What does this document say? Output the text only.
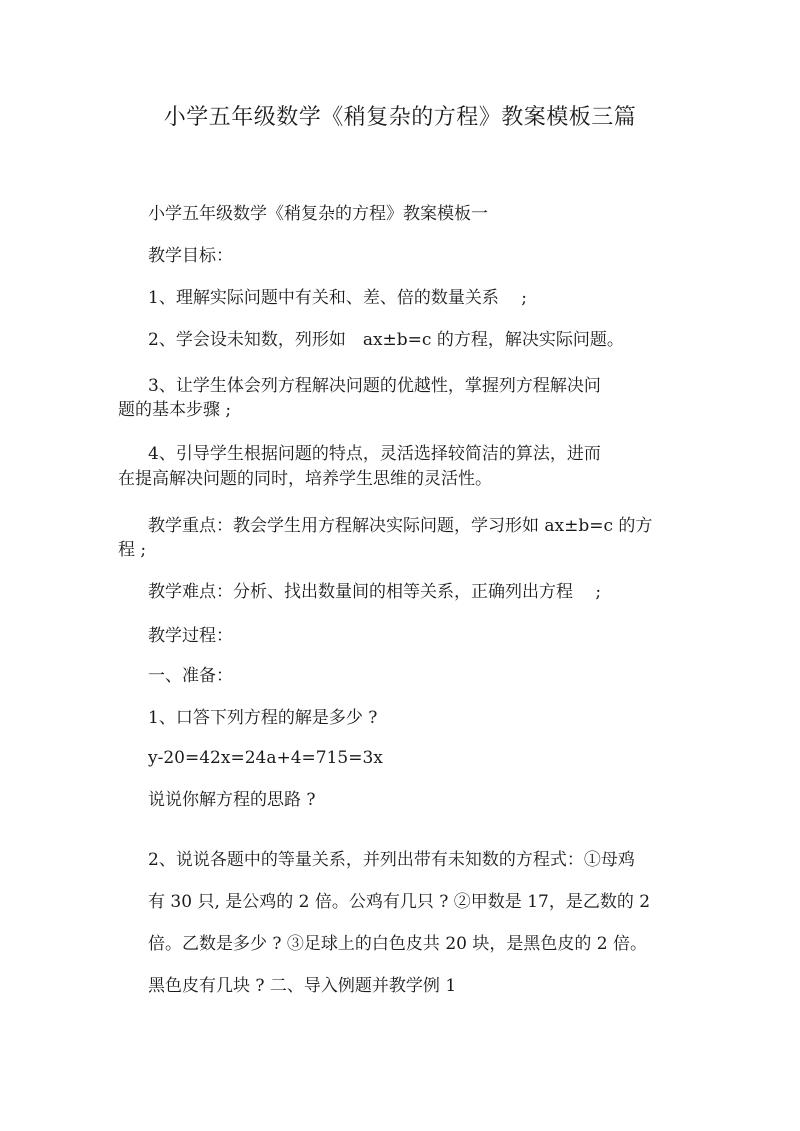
小学五年级数学《稍复杂的方程》教案模板三篇
小学五年级数学《稍复杂的方程》教案模板一
教学目标：
1、理解实际问题中有关和、差、倍的数量关系　 ;
2、学会设未知数，列形如　ax±b=c 的方程，解决实际问题。
3、让学生体会列方程解决问题的优越性，掌握列方程解决问
题的基本步骤 ;
4、引导学生根据问题的特点，灵活选择较简洁的算法，进而
在提高解决问题的同时，培养学生思维的灵活性。
教学重点：教会学生用方程解决实际问题，学习形如 ax±b=c 的方
程 ;
教学难点：分析、找出数量间的相等关系，正确列出方程　 ;
教学过程：
一、准备：
1、口答下列方程的解是多少 ?
y-20=42x=24a+4=715=3x
说说你解方程的思路 ?
2、说说各题中的等量关系，并列出带有未知数的方程式：①母鸡
有 30 只, 是公鸡的 2 倍。公鸡有几只 ? ②甲数是 17，是乙数的 2
倍。乙数是多少 ? ③足球上的白色皮共 20 块，是黑色皮的 2 倍。
黑色皮有几块 ? 二、导入例题并教学例 1
